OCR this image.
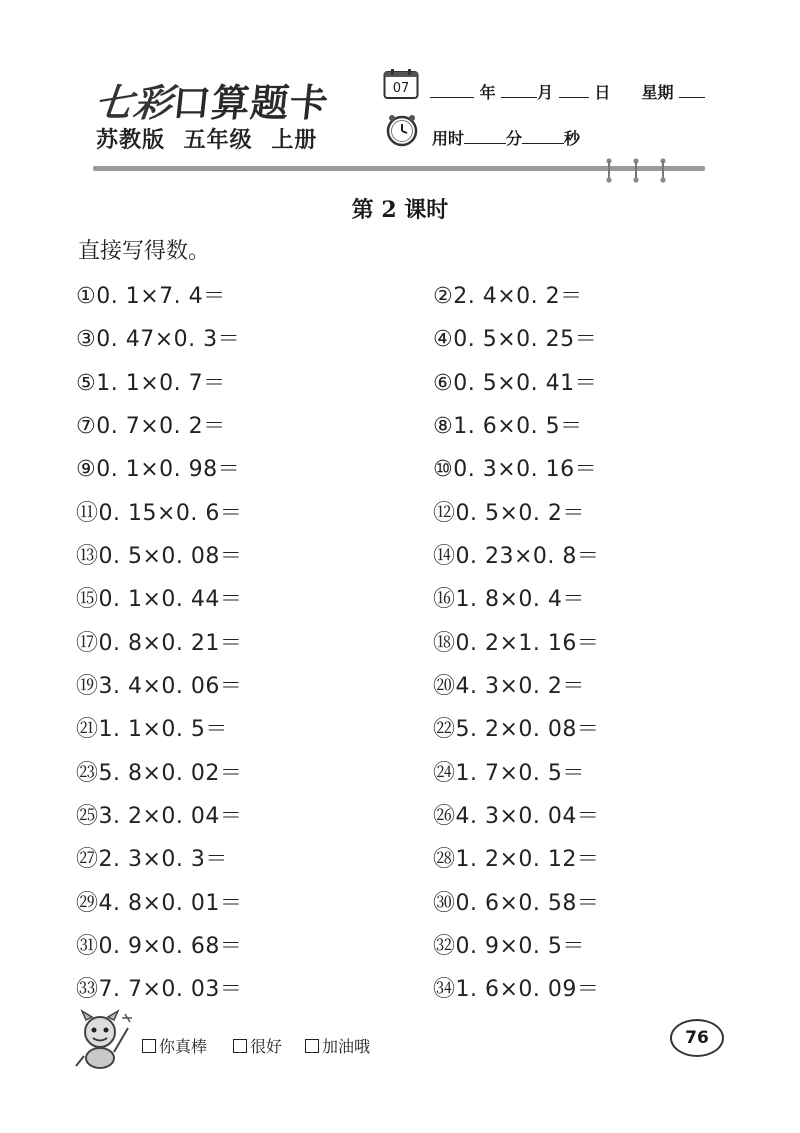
七彩口算题卡
苏教版 五年级 上册
07	年	月	日 星期
用时	分	秒
第 2 课时
直接写得数。
①0. 1×7. 4＝	②2. 4×0. 2＝
③0. 47×0. 3＝	④0. 5×0. 25＝
⑤1. 1×0. 7＝	⑥0. 5×0. 41＝
⑦0. 7×0. 2＝	⑧1. 6×0. 5＝
⑨0. 1×0. 98＝	⑩0. 3×0. 16＝
⑪0. 15×0. 6＝	⑫0. 5×0. 2＝
⑬0. 5×0. 08＝	⑭0. 23×0. 8＝
⑮0. 1×0. 44＝	⑯1. 8×0. 4＝
⑰0. 8×0. 21＝	⑱0. 2×1. 16＝
⑲3. 4×0. 06＝	⑳4. 3×0. 2＝
㉑1. 1×0. 5＝	㉒5. 2×0. 08＝
㉓5. 8×0. 02＝	㉔1. 7×0. 5＝
㉕3. 2×0. 04＝	㉖4. 3×0. 04＝
㉗2. 3×0. 3＝	㉘1. 2×0. 12＝
㉙4. 8×0. 01＝	㉚0. 6×0. 58＝
㉛0. 9×0. 68＝	㉜0. 9×0. 5＝
㉝7. 7×0. 03＝	㉞1. 6×0. 09＝
你真棒	很好	加油哦	76
